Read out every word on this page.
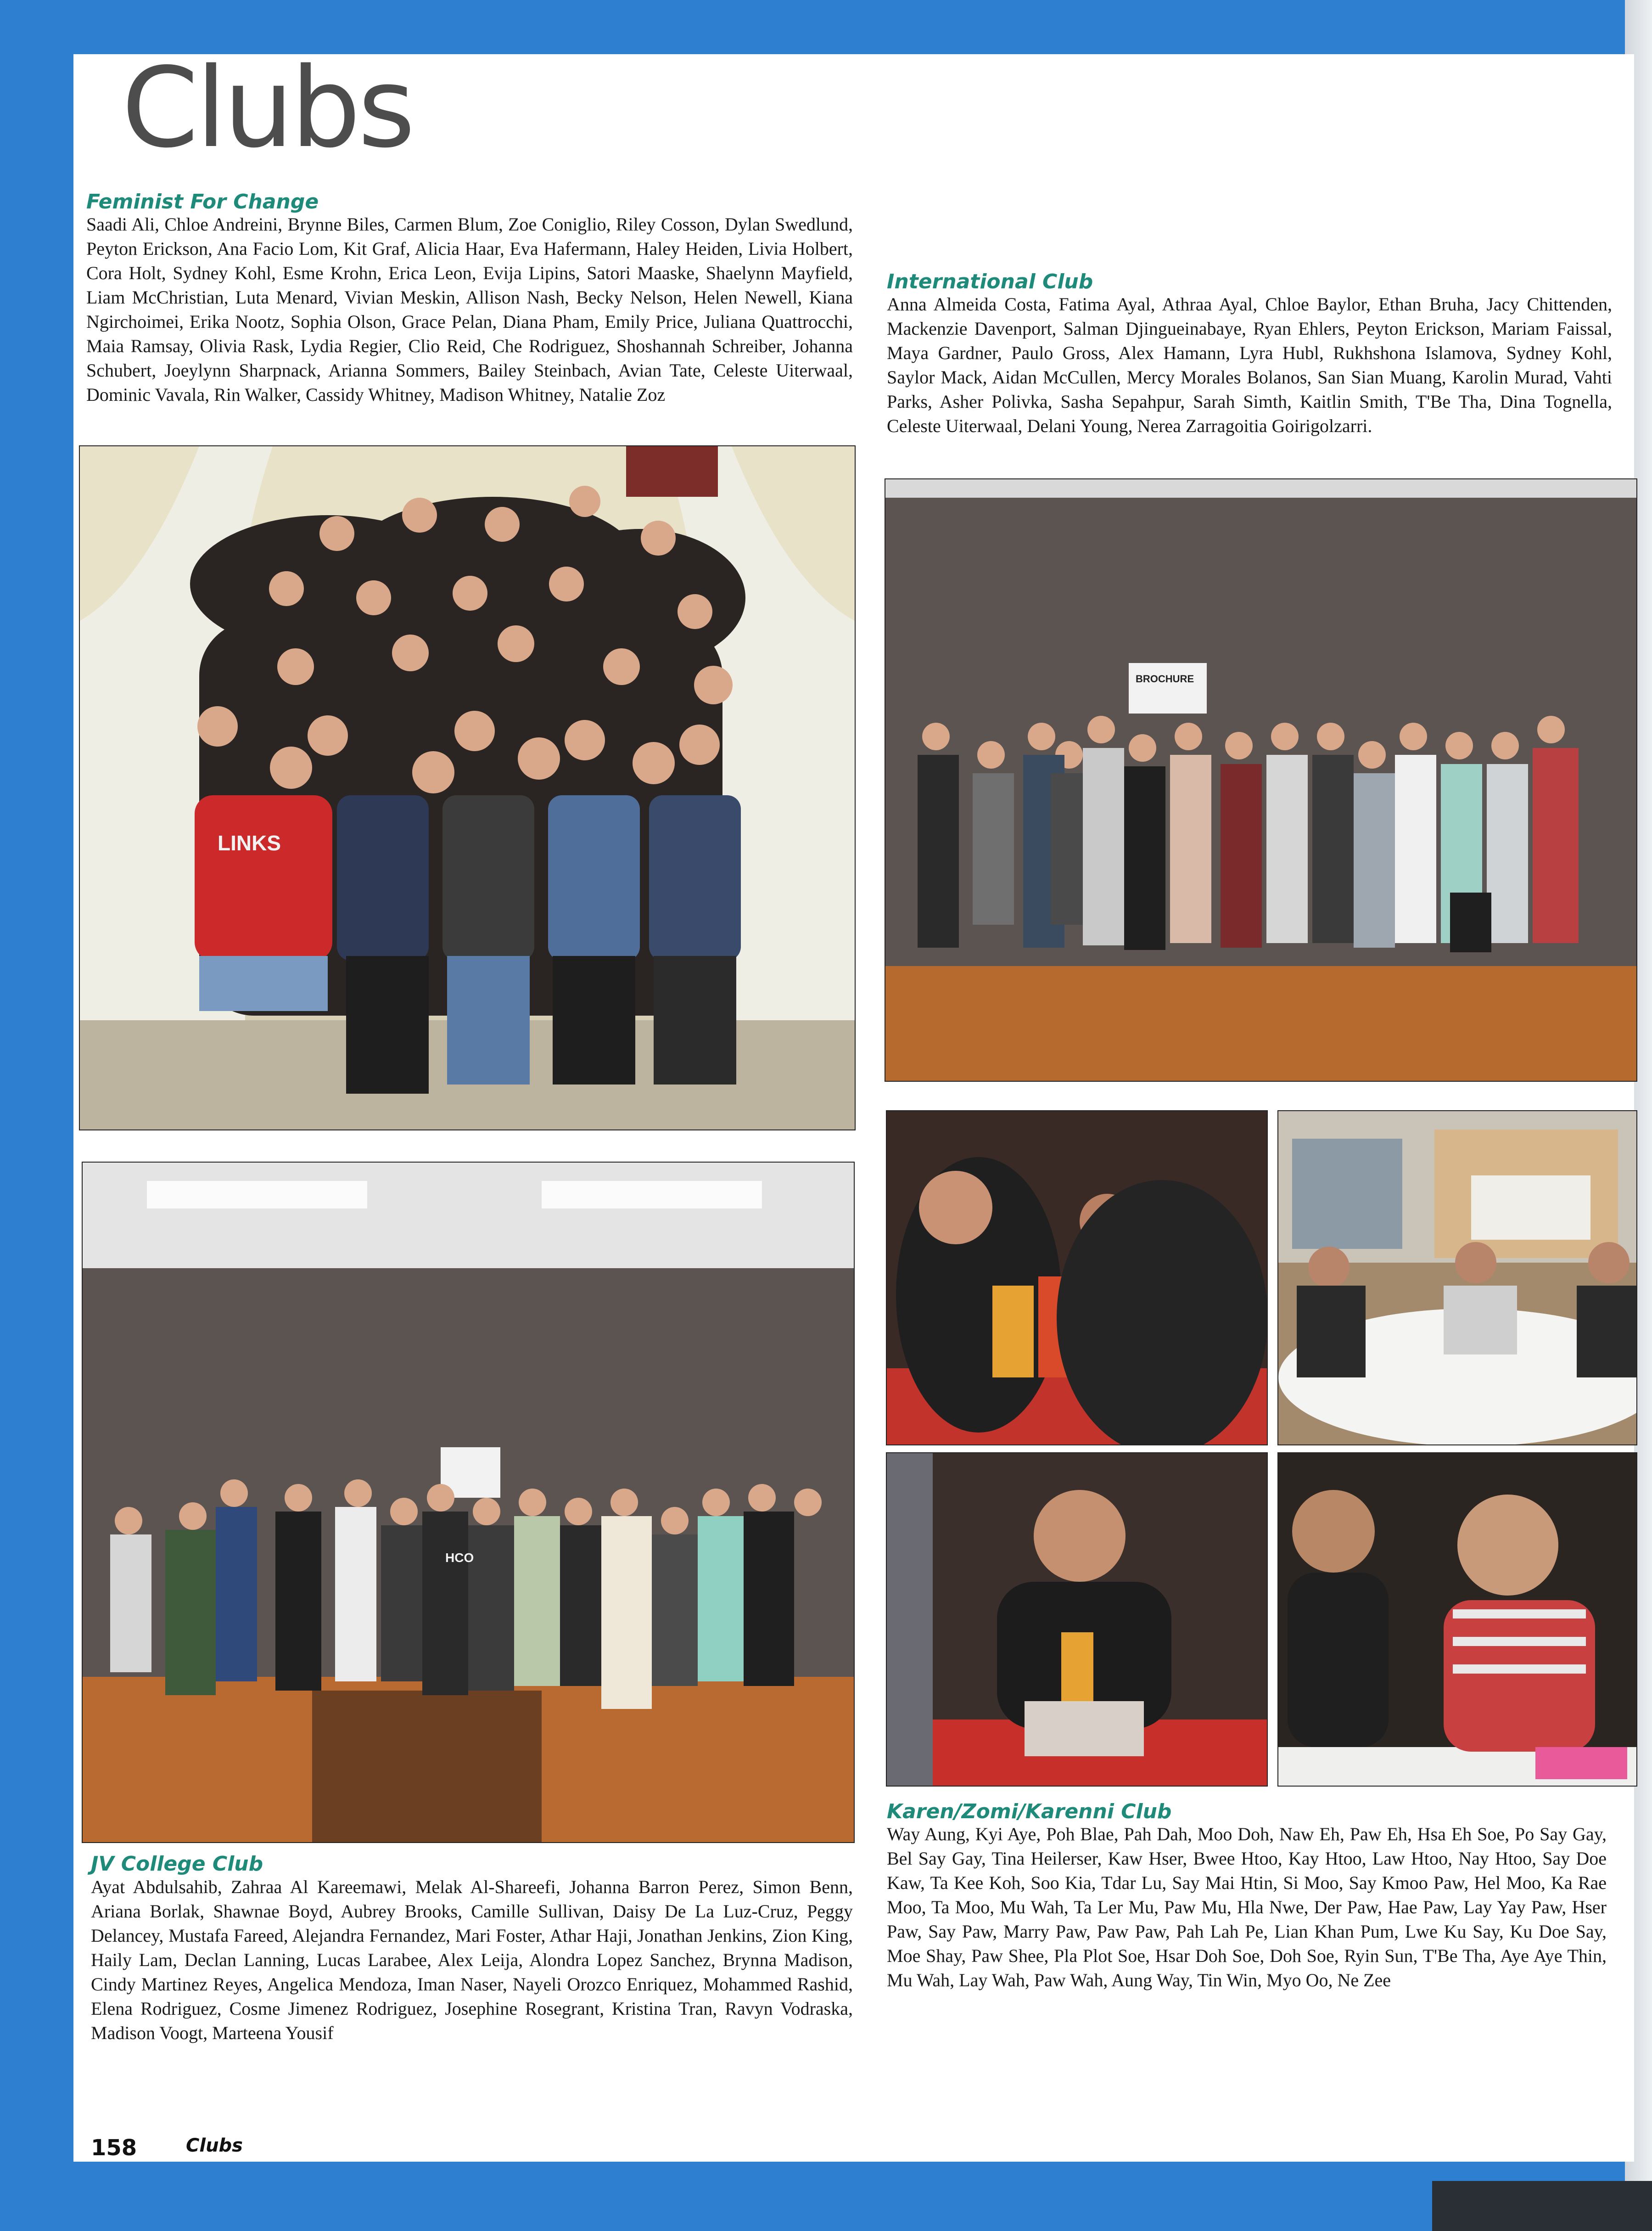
Clubs
Feminist For Change
Saadi Ali, Chloe Andreini, Brynne Biles, Carmen Blum, Zoe Coniglio, Riley Cosson, Dylan Swedlund, Peyton Erickson, Ana Facio Lom, Kit Graf, Alicia Haar, Eva Hafermann, Haley Heiden, Livia Holbert, Cora Holt, Sydney Kohl, Esme Krohn, Erica Leon, Evija Lipins, Satori Maaske, Shaelynn Mayfield, Liam McChristian, Luta Menard, Vivian Meskin, Allison Nash, Becky Nelson, Helen Newell, Kiana Ngirchoimei, Erika Nootz, Sophia Olson, Grace Pelan, Diana Pham, Emily Price, Juliana Quattrocchi, Maia Ramsay, Olivia Rask, Lydia Regier, Clio Reid, Che Rodriguez, Shoshannah Schreiber, Johanna Schubert, Joeylynn Sharpnack, Arianna Sommers, Bailey Steinbach, Avian Tate, Celeste Uiterwaal, Dominic Vavala, Rin Walker, Cassidy Whitney, Madison Whitney, Natalie Zoz
International Club
Anna Almeida Costa, Fatima Ayal, Athraa Ayal, Chloe Baylor, Ethan Bruha, Jacy Chittenden, Mackenzie Davenport, Salman Djingueinabaye, Ryan Ehlers, Peyton Erickson, Mariam Faissal, Maya Gardner, Paulo Gross, Alex Hamann, Lyra Hubl, Rukhshona Islamova, Sydney Kohl, Saylor Mack, Aidan McCullen, Mercy Morales Bolanos, San Sian Muang, Karolin Murad, Vahti Parks, Asher Polivka, Sasha Sepahpur, Sarah Simth, Kaitlin Smith, T'Be Tha, Dina Tognella, Celeste Uiterwaal, Delani Young, Nerea Zarragoitia Goirigolzarri.
LINKS
BROCHURE
HCO
JV College Club
Ayat Abdulsahib, Zahraa Al Kareemawi, Melak Al-Shareefi, Johanna Barron Perez, Simon Benn, Ariana Borlak, Shawnae Boyd, Aubrey Brooks, Camille Sullivan, Daisy De La Luz-Cruz, Peggy Delancey, Mustafa Fareed, Alejandra Fernandez, Mari Foster, Athar Haji, Jonathan Jenkins, Zion King, Haily Lam, Declan Lanning, Lucas Larabee, Alex Leija, Alondra Lopez Sanchez, Brynna Madison, Cindy Martinez Reyes, Angelica Mendoza, Iman Naser, Nayeli Orozco Enriquez, Mohammed Rashid, Elena Rodriguez, Cosme Jimenez Rodriguez, Josephine Rosegrant, Kristina Tran, Ravyn Vodraska, Madison Voogt, Marteena Yousif
Karen/Zomi/Karenni Club
Way Aung, Kyi Aye, Poh Blae, Pah Dah, Moo Doh, Naw Eh, Paw Eh, Hsa Eh Soe, Po Say Gay, Bel Say Gay, Tina Heilerser, Kaw Hser, Bwee Htoo, Kay Htoo, Law Htoo, Nay Htoo, Say Doe Kaw, Ta Kee Koh, Soo Kia, Tdar Lu, Say Mai Htin, Si Moo, Say Kmoo Paw, Hel Moo, Ka Rae Moo, Ta Moo, Mu Wah, Ta Ler Mu, Paw Mu, Hla Nwe, Der Paw, Hae Paw, Lay Yay Paw, Hser Paw, Say Paw, Marry Paw, Paw Paw, Pah Lah Pe, Lian Khan Pum, Lwe Ku Say, Ku Doe Say, Moe Shay, Paw Shee, Pla Plot Soe, Hsar Doh Soe, Doh Soe, Ryin Sun, T'Be Tha, Aye Aye Thin, Mu Wah, Lay Wah, Paw Wah, Aung Way, Tin Win, Myo Oo, Ne Zee
158	Clubs
